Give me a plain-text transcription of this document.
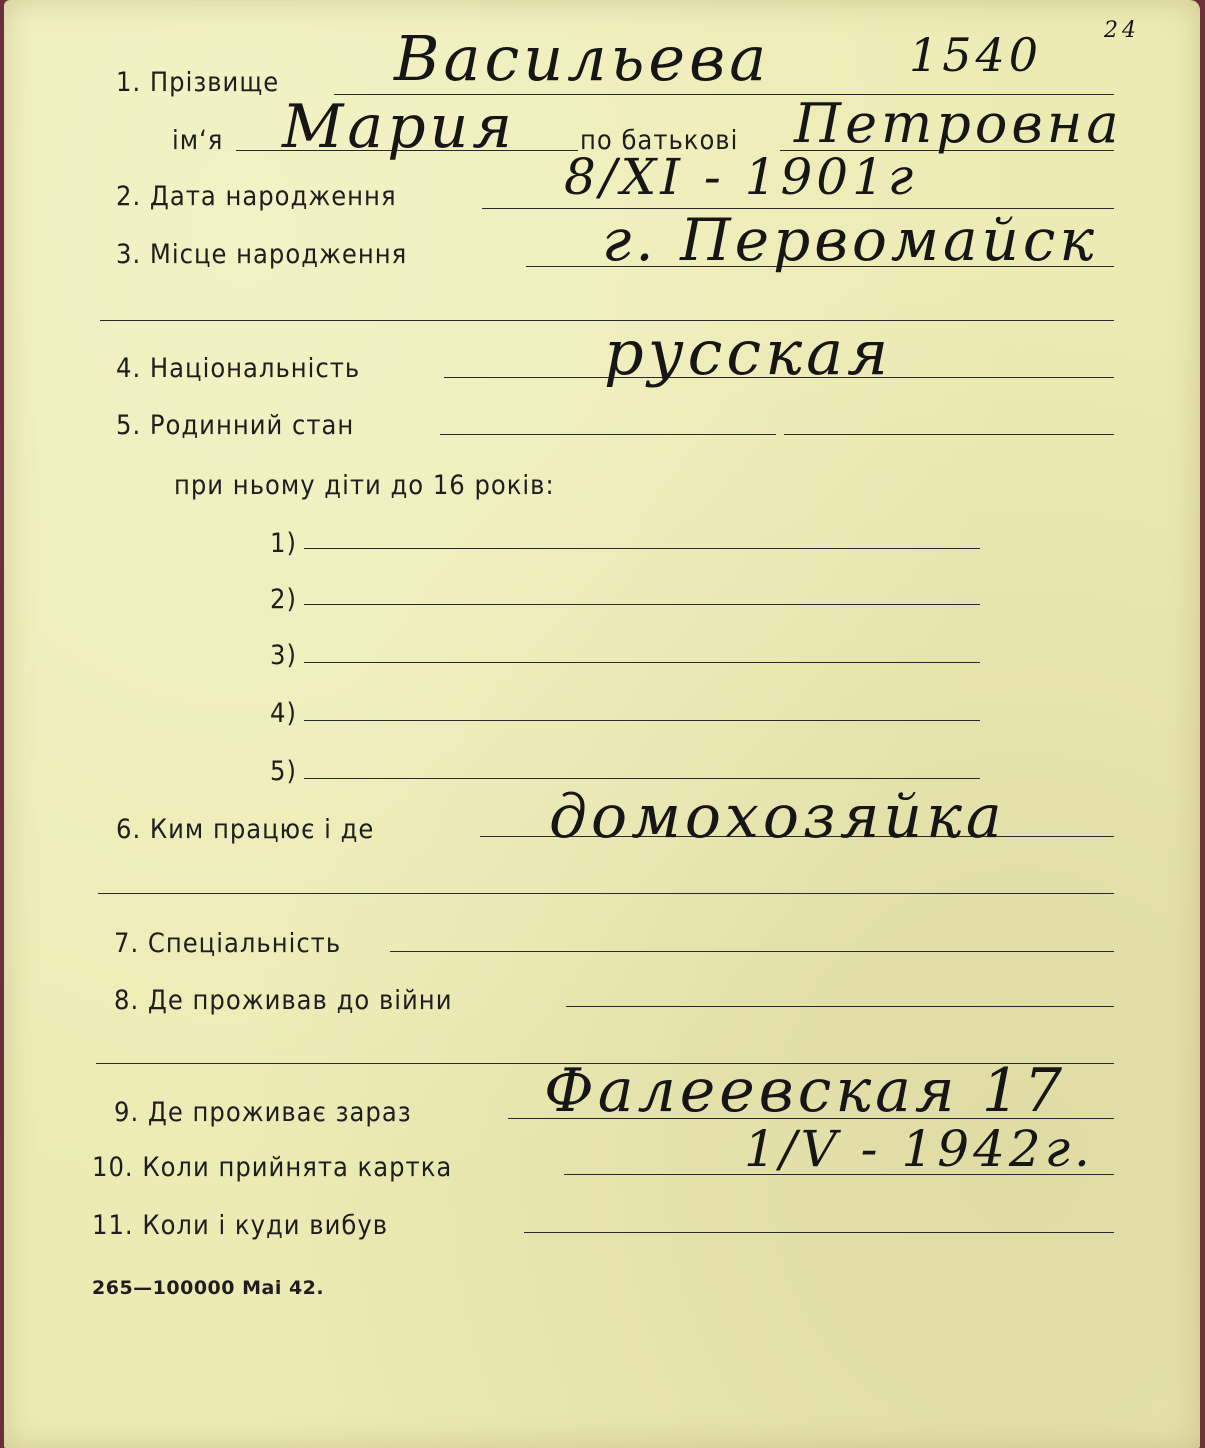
1. Прізвище Васильева	1540	24
ім‘я Мария по батькові Петровна
2. Дата народження	8/XI - 1901г
3. Місце народження	г. Первомайск
4. Національність	русская
5. Родинний стан
при ньому діти до 16 років:
1)
2)
3)
4)
5)
6. Ким працює і де	домохозяйка
7. Спеціальність
8. Де проживав до війни
9. Де проживає зараз Фалеевская 17
10. Коли прийнята картка	1/V - 1942г.
11. Коли і куди вибув
265—100000 Mai 42.
